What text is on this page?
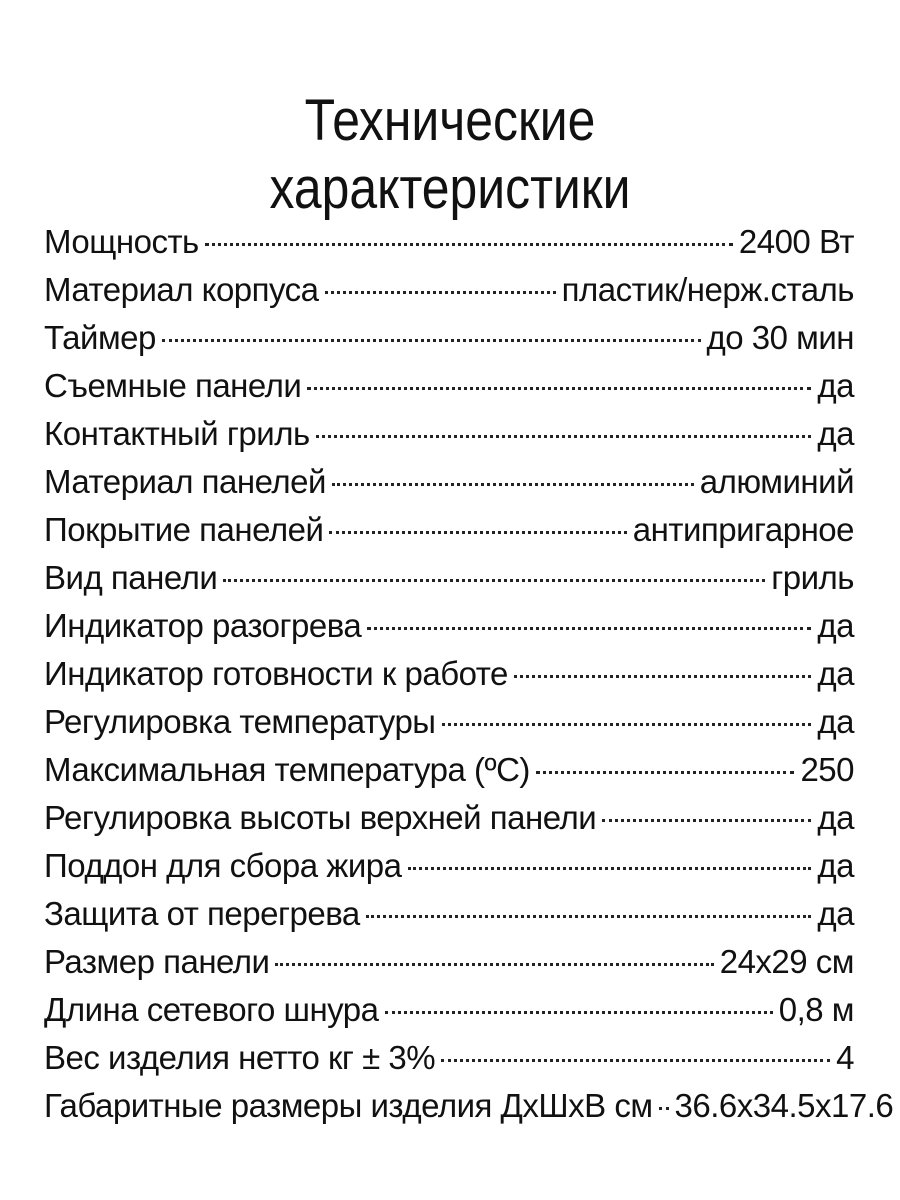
Технические
характеристики
Мощность	2400 Вт
Материал корпуса	пластик/нерж.сталь
Таймер	до 30 мин
Съемные панели	да
Контактный гриль	да
Материал панелей	алюминий
Покрытие панелей	антипригарное
Вид панели	гриль
Индикатор разогрева	да
Индикатор готовности к работе	да
Регулировка температуры	да
Максимальная температура (ºC)	250
Регулировка высоты верхней панели	да
Поддон для сбора жира	да
Защита от перегрева	да
Размер панели	24x29 см
Длина сетевого шнура	0,8 м
Вес изделия нетто кг ± 3%	4
Габаритные размеры изделия ДхШхВ см 36.6x34.5x17.6
